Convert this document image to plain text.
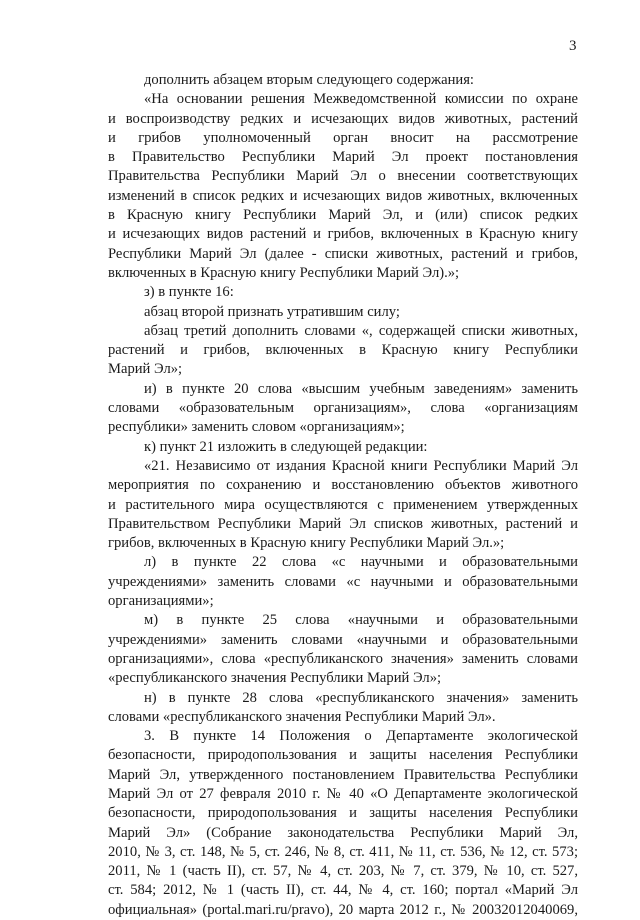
3
дополнить абзацем вторым следующего содержания:
«На основании решения Межведомственной комиссии по охране
и воспроизводству редких и исчезающих видов животных, растений
и грибов уполномоченный орган вносит на рассмотрение
в Правительство Республики Марий Эл проект постановления
Правительства Республики Марий Эл о внесении соответствующих
изменений в список редких и исчезающих видов животных, включенных
в Красную книгу Республики Марий Эл, и (или) список редких
и исчезающих видов растений и грибов, включенных в Красную книгу
Республики Марий Эл (далее - списки животных, растений и грибов,
включенных в Красную книгу Республики Марий Эл).»;
з) в пункте 16:
абзац второй признать утратившим силу;
абзац третий дополнить словами «, содержащей списки животных,
растений и грибов, включенных в Красную книгу Республики
Марий Эл»;
и) в пункте 20 слова «высшим учебным заведениям» заменить
словами «образовательным организациям», слова «организациям
республики» заменить словом «организациям»;
к) пункт 21 изложить в следующей редакции:
«21. Независимо от издания Красной книги Республики Марий Эл
мероприятия по сохранению и восстановлению объектов животного
и растительного мира осуществляются с применением утвержденных
Правительством Республики Марий Эл списков животных, растений и
грибов, включенных в Красную книгу Республики Марий Эл.»;
л) в пункте 22 слова «с научными и образовательными
учреждениями» заменить словами «с научными и образовательными
организациями»;
м) в пункте 25 слова «научными и образовательными
учреждениями» заменить словами «научными и образовательными
организациями», слова «республиканского значения» заменить словами
«республиканского значения Республики Марий Эл»;
н) в пункте 28 слова «республиканского значения» заменить
словами «республиканского значения Республики Марий Эл».
3. В пункте 14 Положения о Департаменте экологической
безопасности, природопользования и защиты населения Республики
Марий Эл, утвержденного постановлением Правительства Республики
Марий Эл от 27 февраля 2010 г. № 40 «О Департаменте экологической
безопасности, природопользования и защиты населения Республики
Марий Эл» (Собрание законодательства Республики Марий Эл,
2010, № 3, ст. 148, № 5, ст. 246, № 8, ст. 411, № 11, ст. 536, № 12, ст. 573;
2011, № 1 (часть II), ст. 57, № 4, ст. 203, № 7, ст. 379, № 10, ст. 527,
ст. 584; 2012, № 1 (часть II), ст. 44, № 4, ст. 160; портал «Марий Эл
официальная» (portal.mari.ru/pravo), 20 марта 2012 г., № 20032012040069,
